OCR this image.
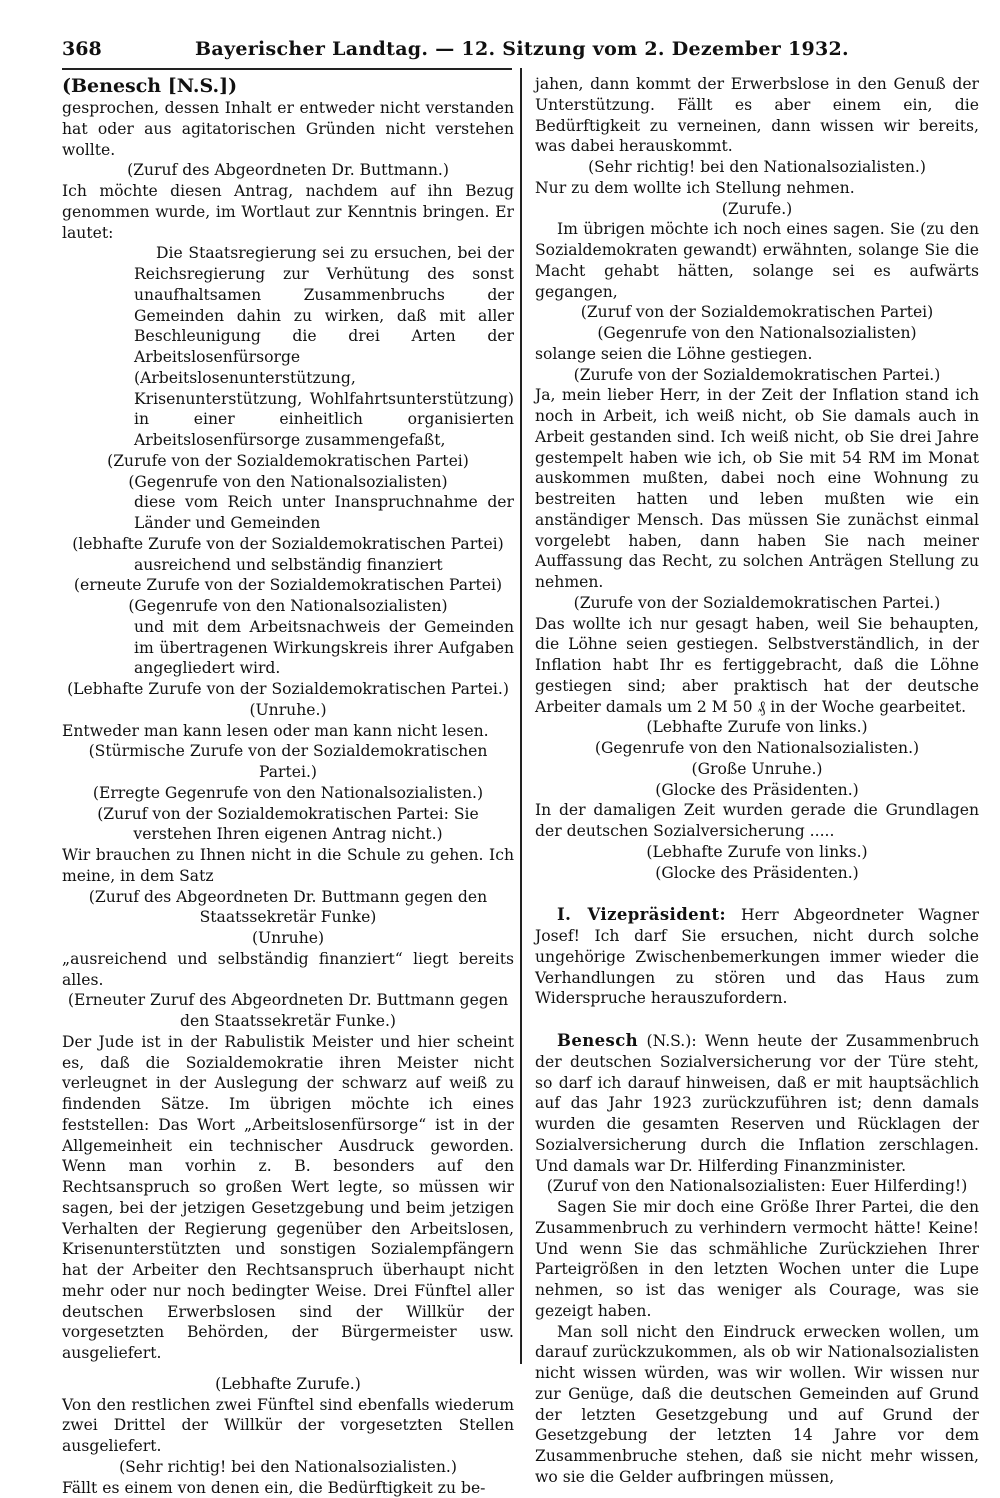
368	Bayerischer Landtag. — 12. Sitzung vom 2. Dezember 1932.

(Benesch [N.S.])

gesprochen, dessen Inhalt er entweder nicht verstanden hat oder aus agitatorischen Gründen nicht verstehen wollte.

(Zuruf des Abgeordneten Dr. Buttmann.)

Ich möchte diesen Antrag, nachdem auf ihn Bezug genommen wurde, im Wortlaut zur Kenntnis bringen. Er lautet:

Die Staatsregierung sei zu ersuchen, bei der Reichsregierung zur Verhütung des sonst unaufhaltsamen Zusammenbruchs der Gemeinden dahin zu wirken, daß mit aller Beschleunigung die drei Arten der Arbeitslosenfürsorge (Arbeitslosenunterstützung, Krisenunterstützung, Wohlfahrtsunterstützung) in einer einheitlich organisierten Arbeitslosenfürsorge zusammengefaßt,

(Zurufe von der Sozialdemokratischen Partei)

(Gegenrufe von den Nationalsozialisten)

diese vom Reich unter Inanspruchnahme der Länder und Gemeinden

(lebhafte Zurufe von der Sozialdemokratischen Partei)

ausreichend und selbständig finanziert

(erneute Zurufe von der Sozialdemokratischen Partei)

(Gegenrufe von den Nationalsozialisten)

und mit dem Arbeitsnachweis der Gemeinden im übertragenen Wirkungskreis ihrer Aufgaben angegliedert wird.

(Lebhafte Zurufe von der Sozialdemokratischen Partei.)

(Unruhe.)

Entweder man kann lesen oder man kann nicht lesen.

(Stürmische Zurufe von der Sozialdemokratischen Partei.)

(Erregte Gegenrufe von den Nationalsozialisten.)

(Zuruf von der Sozialdemokratischen Partei: Sie verstehen Ihren eigenen Antrag nicht.)

Wir brauchen zu Ihnen nicht in die Schule zu gehen. Ich meine, in dem Satz

(Zuruf des Abgeordneten Dr. Buttmann gegen den Staatssekretär Funke)

(Unruhe)

„ausreichend und selbständig finanziert“ liegt bereits alles.

(Erneuter Zuruf des Abgeordneten Dr. Buttmann gegen den Staatssekretär Funke.)

Der Jude ist in der Rabulistik Meister und hier scheint es, daß die Sozialdemokratie ihren Meister nicht verleugnet in der Auslegung der schwarz auf weiß zu findenden Sätze. Im übrigen möchte ich eines feststellen: Das Wort „Arbeitslosenfürsorge“ ist in der Allgemeinheit ein technischer Ausdruck geworden. Wenn man vorhin z. B. besonders auf den Rechtsanspruch so großen Wert legte, so müssen wir sagen, bei der jetzigen Gesetzgebung und beim jetzigen Verhalten der Regierung gegenüber den Arbeitslosen, Krisenunterstützten und sonstigen Sozialempfängern hat der Arbeiter den Rechtsanspruch überhaupt nicht mehr oder nur noch bedingter Weise. Drei Fünftel aller deutschen Erwerbslosen sind der Willkür der vorgesetzten Behörden, der Bürgermeister usw. ausgeliefert.

(Lebhafte Zurufe.)

Von den restlichen zwei Fünftel sind ebenfalls wiederum zwei Drittel der Willkür der vorgesetzten Stellen ausgeliefert.

(Sehr richtig! bei den Nationalsozialisten.)

Fällt es einem von denen ein, die Bedürftigkeit zu be-

jahen, dann kommt der Erwerbslose in den Genuß der Unterstützung. Fällt es aber einem ein, die Bedürftigkeit zu verneinen, dann wissen wir bereits, was dabei herauskommt.

(Sehr richtig! bei den Nationalsozialisten.)

Nur zu dem wollte ich Stellung nehmen.

(Zurufe.)

Im übrigen möchte ich noch eines sagen. Sie (zu den Sozialdemokraten gewandt) erwähnten, solange Sie die Macht gehabt hätten, solange sei es aufwärts gegangen,

(Zuruf von der Sozialdemokratischen Partei)

(Gegenrufe von den Nationalsozialisten)

solange seien die Löhne gestiegen.

(Zurufe von der Sozialdemokratischen Partei.)

Ja, mein lieber Herr, in der Zeit der Inflation stand ich noch in Arbeit, ich weiß nicht, ob Sie damals auch in Arbeit gestanden sind. Ich weiß nicht, ob Sie drei Jahre gestempelt haben wie ich, ob Sie mit 54 RM im Monat auskommen mußten, dabei noch eine Wohnung zu bestreiten hatten und leben mußten wie ein anständiger Mensch. Das müssen Sie zunächst einmal vorgelebt haben, dann haben Sie nach meiner Auffassung das Recht, zu solchen Anträgen Stellung zu nehmen.

(Zurufe von der Sozialdemokratischen Partei.)

Das wollte ich nur gesagt haben, weil Sie behaupten, die Löhne seien gestiegen. Selbstverständlich, in der Inflation habt Ihr es fertiggebracht, daß die Löhne gestiegen sind; aber praktisch hat der deutsche Arbeiter damals um 2 M 50 ₰ in der Woche gearbeitet.

(Lebhafte Zurufe von links.)

(Gegenrufe von den Nationalsozialisten.)

(Große Unruhe.)

(Glocke des Präsidenten.)

In der damaligen Zeit wurden gerade die Grundlagen der deutschen Sozialversicherung .....

(Lebhafte Zurufe von links.)

(Glocke des Präsidenten.)

I. Vizepräsident: Herr Abgeordneter Wagner Josef! Ich darf Sie ersuchen, nicht durch solche ungehörige Zwischenbemerkungen immer wieder die Verhandlungen zu stören und das Haus zum Widerspruche herauszufordern.

Benesch (N.S.): Wenn heute der Zusammenbruch der deutschen Sozialversicherung vor der Türe steht, so darf ich darauf hinweisen, daß er mit hauptsächlich auf das Jahr 1923 zurückzuführen ist; denn damals wurden die gesamten Reserven und Rücklagen der Sozialversicherung durch die Inflation zerschlagen. Und damals war Dr. Hilferding Finanzminister.

(Zuruf von den Nationalsozialisten: Euer Hilferding!)

Sagen Sie mir doch eine Größe Ihrer Partei, die den Zusammenbruch zu verhindern vermocht hätte! Keine! Und wenn Sie das schmähliche Zurückziehen Ihrer Parteigrößen in den letzten Wochen unter die Lupe nehmen, so ist das weniger als Courage, was sie gezeigt haben.

Man soll nicht den Eindruck erwecken wollen, um darauf zurückzukommen, als ob wir Nationalsozialisten nicht wissen würden, was wir wollen. Wir wissen nur zur Genüge, daß die deutschen Gemeinden auf Grund der letzten Gesetzgebung und auf Grund der Gesetzgebung der letzten 14 Jahre vor dem Zusammenbruche stehen, daß sie nicht mehr wissen, wo sie die Gelder aufbringen müssen,
